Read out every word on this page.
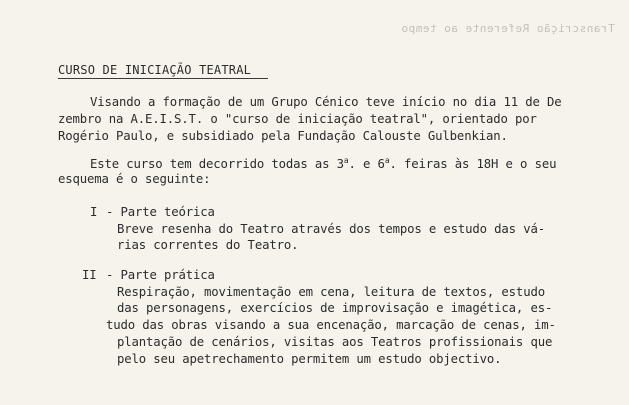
Transcrição Referente ao tempo
CURSO DE INICIAÇÃO TEATRAL
Visando a formação de um Grupo Cénico teve início no dia 11 de De
zembro na A.E.I.S.T. o "curso de iniciação teatral", orientado por
Rogério Paulo, e subsidiado pela Fundação Calouste Gulbenkian.
Este curso tem decorrido todas as 3$^a$. e 6$^a$. feiras às 18H e o seu
esquema é o seguinte:
I - Parte teórica
Breve resenha do Teatro através dos tempos e estudo das vá-
rias correntes do Teatro.
II - Parte prática
Respiração, movimentação em cena, leitura de textos, estudo
das personagens, exercícios de improvisação e imagética, es-
tudo das obras visando a sua encenação, marcação de cenas, im-
plantação de cenários, visitas aos Teatros profissionais que
pelo seu apetrechamento permitem um estudo objectivo.
